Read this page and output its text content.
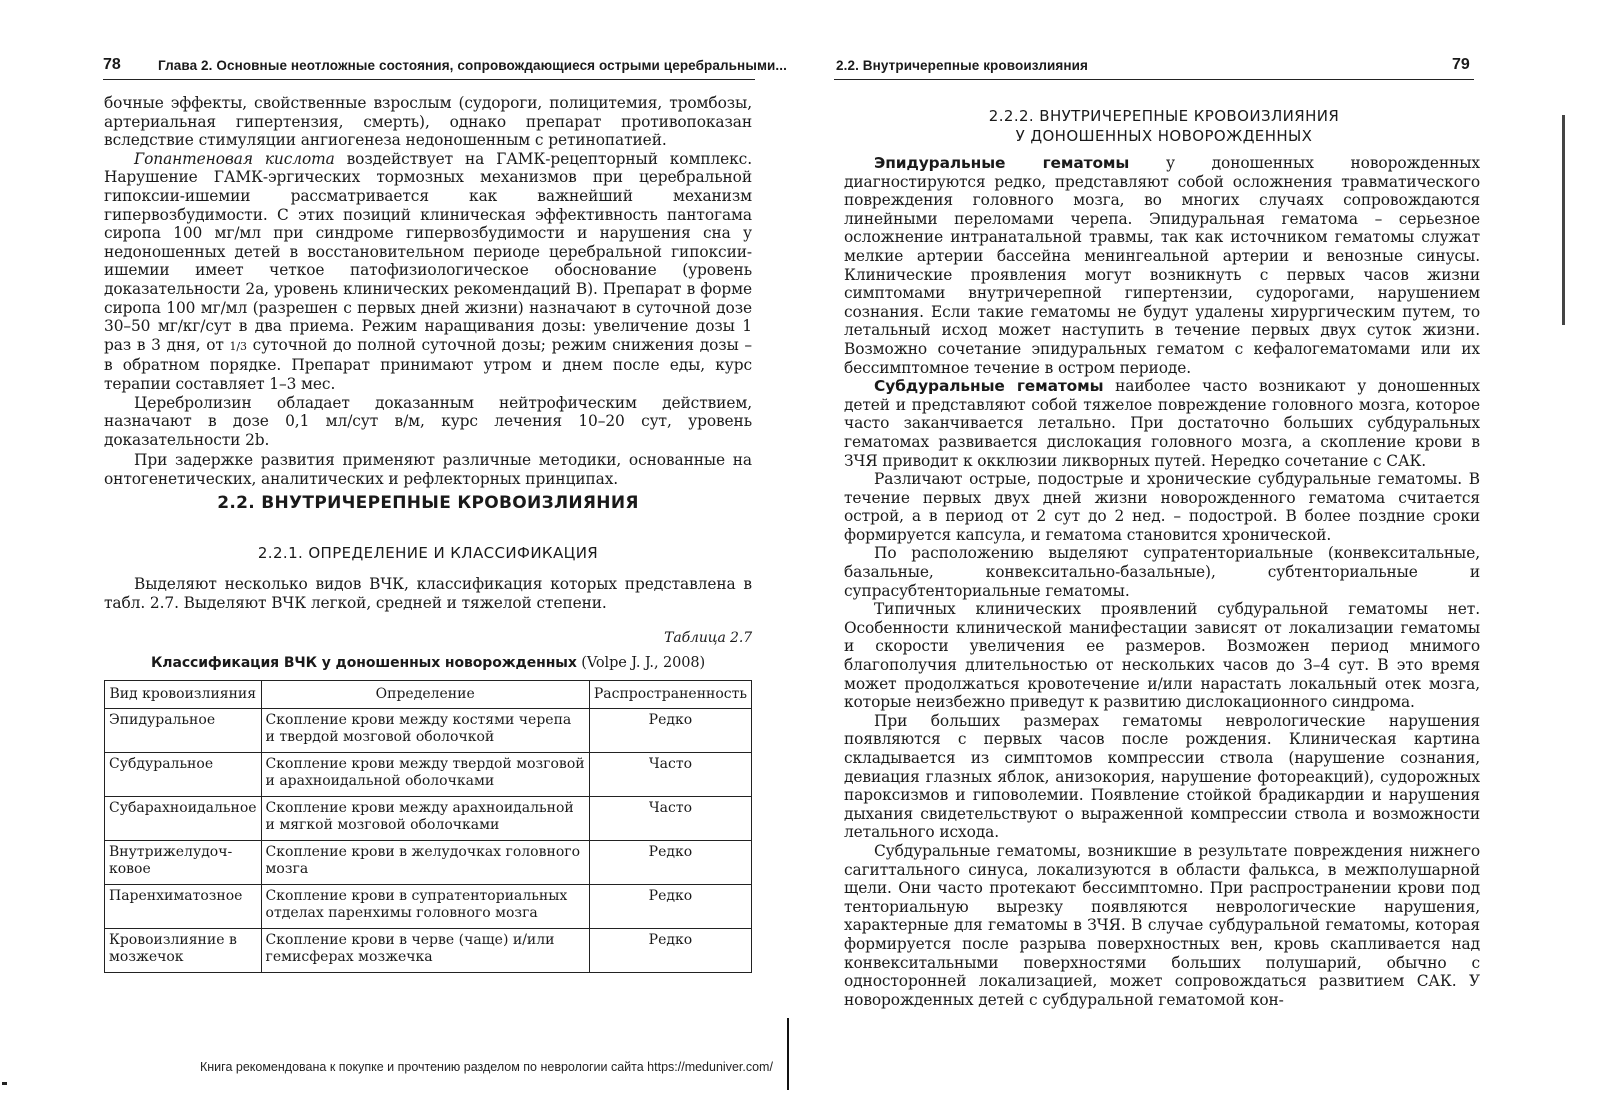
78	Глава 2. Основные неотложные состояния, сопровождающиеся острыми церебральными...

бочные эффекты, свойственные взрослым (судороги, полицитемия, тромбозы, артериальная гипертензия, смерть), однако препарат противопоказан вследствие стимуляции ангиогенеза недоношенным с ретинопатией.

Гопантеновая кислота воздействует на ГАМК-рецепторный комплекс. Нарушение ГАМК-эргических тормозных механизмов при церебральной гипоксии-ишемии рассматривается как важнейший механизм гипервозбудимости. С этих позиций клиническая эффективность пантогама сиропа 100 мг/мл при синдроме гипервозбудимости и нарушения сна у недоношенных детей в восстановительном периоде церебральной гипоксии-ишемии имеет четкое патофизиологическое обоснование (уровень доказательности 2a, уровень клинических рекомендаций B). Препарат в форме сиропа 100 мг/мл (разрешен с первых дней жизни) назначают в суточной дозе 30–50 мг/кг/сут в два приема. Режим наращивания дозы: увеличение дозы 1 раз в 3 дня, от 1/3 суточной до полной суточной дозы; режим снижения дозы – в обратном порядке. Препарат принимают утром и днем после еды, курс терапии составляет 1–3 мес.

Церебролизин обладает доказанным нейтрофическим действием, назначают в дозе 0,1 мл/сут в/м, курс лечения 10–20 сут, уровень доказательности 2b.

При задержке развития применяют различные методики, основанные на онтогенетических, аналитических и рефлекторных принципах.

2.2. ВНУТРИЧЕРЕПНЫЕ КРОВОИЗЛИЯНИЯ
2.2.1. ОПРЕДЕЛЕНИЕ И КЛАССИФИКАЦИЯ

Выделяют несколько видов ВЧК, классификация которых представлена в табл. 2.7. Выделяют ВЧК легкой, средней и тяжелой степени.

Таблица 2.7
Классификация ВЧК у доношенных новорожденных (Volpe J. J., 2008)
Вид кровоизлияния	Определение	Распространенность
Эпидуральное	Скопление крови между костями черепа и твердой мозговой оболочкой	Редко
Субдуральное	Скопление крови между твердой мозговой и арахноидальной оболочками	Часто
Субарахноидальное	Скопление крови между арахноидальной и мягкой мозговой оболочками	Часто
Внутрижелудоч-ковое	Скопление крови в желудочках головного мозга	Редко
Паренхиматозное	Скопление крови в супратенториальных отделах паренхимы головного мозга	Редко
Кровоизлияние в мозжечок	Скопление крови в черве (чаще) и/или гемисферах мозжечка	Редко
Книга рекомендована к покупке и прочтению разделом по неврологии сайта https://meduniver.com/
2.2. Внутричерепные кровоизлияния	79
2.2.2. ВНУТРИЧЕРЕПНЫЕ КРОВОИЗЛИЯНИЯ
У ДОНОШЕННЫХ НОВОРОЖДЕННЫХ

Эпидуральные гематомы у доношенных новорожденных диагностируются редко, представляют собой осложнения травматического повреждения головного мозга, во многих случаях сопровождаются линейными переломами черепа. Эпидуральная гематома – серьезное осложнение интранатальной травмы, так как источником гематомы служат мелкие артерии бассейна менингеальной артерии и венозные синусы. Клинические проявления могут возникнуть с первых часов жизни симптомами внутричерепной гипертензии, судорогами, нарушением сознания. Если такие гематомы не будут удалены хирургическим путем, то летальный исход может наступить в течение первых двух суток жизни. Возможно сочетание эпидуральных гематом с кефалогематомами или их бессимптомное течение в остром периоде.

Субдуральные гематомы наиболее часто возникают у доношенных детей и представляют собой тяжелое повреждение головного мозга, которое часто заканчивается летально. При достаточно больших субдуральных гематомах развивается дислокация головного мозга, а скопление крови в ЗЧЯ приводит к окклюзии ликворных путей. Нередко сочетание с САК.

Различают острые, подострые и хронические субдуральные гематомы. В течение первых двух дней жизни новорожденного гематома считается острой, а в период от 2 сут до 2 нед. – подострой. В более поздние сроки формируется капсула, и гематома становится хронической.

По расположению выделяют супратенториальные (конвекситальные, базальные, конвекситально-базальные), субтенториальные и супрасубтенториальные гематомы.

Типичных клинических проявлений субдуральной гематомы нет. Особенности клинической манифестации зависят от локализации гематомы и скорости увеличения ее размеров. Возможен период мнимого благополучия длительностью от нескольких часов до 3–4 сут. В это время может продолжаться кровотечение и/или нарастать локальный отек мозга, которые неизбежно приведут к развитию дислокационного синдрома.

При больших размерах гематомы неврологические нарушения появляются с первых часов после рождения. Клиническая картина складывается из симптомов компрессии ствола (нарушение сознания, девиация глазных яблок, анизокория, нарушение фотореакций), судорожных пароксизмов и гиповолемии. Появление стойкой брадикардии и нарушения дыхания свидетельствуют о выраженной компрессии ствола и возможности летального исхода.

Субдуральные гематомы, возникшие в результате повреждения нижнего сагиттального синуса, локализуются в области фалькса, в межполушарной щели. Они часто протекают бессимптомно. При распространении крови под тенториальную вырезку появляются неврологические нарушения, характерные для гематомы в ЗЧЯ. В случае субдуральной гематомы, которая формируется после разрыва поверхностных вен, кровь скапливается над конвекситальными поверхностями больших полушарий, обычно с односторонней локализацией, может сопровождаться развитием САК. У новорожденных детей с субдуральной гематомой кон-
